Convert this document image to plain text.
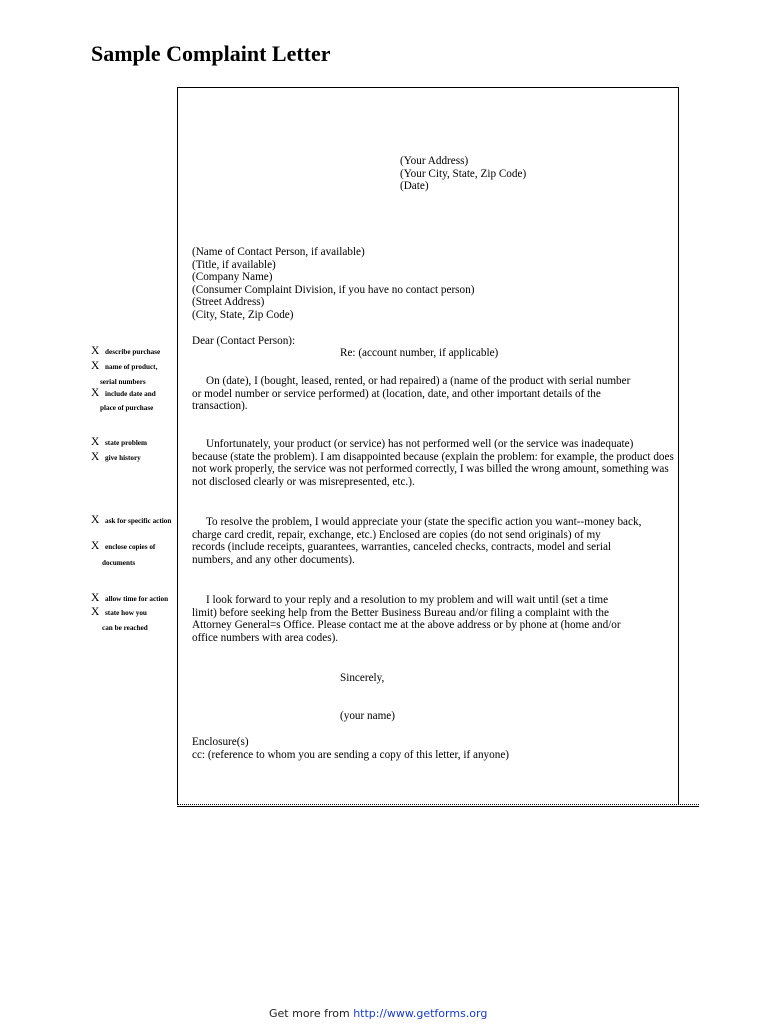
Sample Complaint Letter
(Your Address)
(Your City, State, Zip Code)
(Date)
(Name of Contact Person, if available)
(Title, if available)
(Company Name)
(Consumer Complaint Division, if you have no contact person)
(Street Address)
(City, State, Zip Code)
Dear (Contact Person):
Re: (account number, if applicable)
On (date), I (bought, leased, rented, or had repaired) a (name of the product with serial number
or model number or service performed) at (location, date, and other important details of the
transaction).
Unfortunately, your product (or service) has not performed well (or the service was inadequate)
because (state the problem). I am disappointed because (explain the problem: for example, the product does
not work properly, the service was not performed correctly, I was billed the wrong amount, something was
not disclosed clearly or was misrepresented, etc.).
To resolve the problem, I would appreciate your (state the specific action you want--money back,
charge card credit, repair, exchange, etc.) Enclosed are copies (do not send originals) of my
records (include receipts, guarantees, warranties, canceled checks, contracts, model and serial
numbers, and any other documents).
I look forward to your reply and a resolution to my problem and will wait until (set a time
limit) before seeking help from the Better Business Bureau and/or filing a complaint with the
Attorney General=s Office. Please contact me at the above address or by phone at (home and/or
office numbers with area codes).
Sincerely,
(your name)
Enclosure(s)
cc: (reference to whom you are sending a copy of this letter, if anyone)
Xdescribe purchase
Xname of product,
serial numbers
Xinclude date and
place of purchase
Xstate problem
Xgive history
Xask for specific action
Xenclose copies of
documents
Xallow time for action
Xstate how you
can be reached
Get more from http://www.getforms.org
